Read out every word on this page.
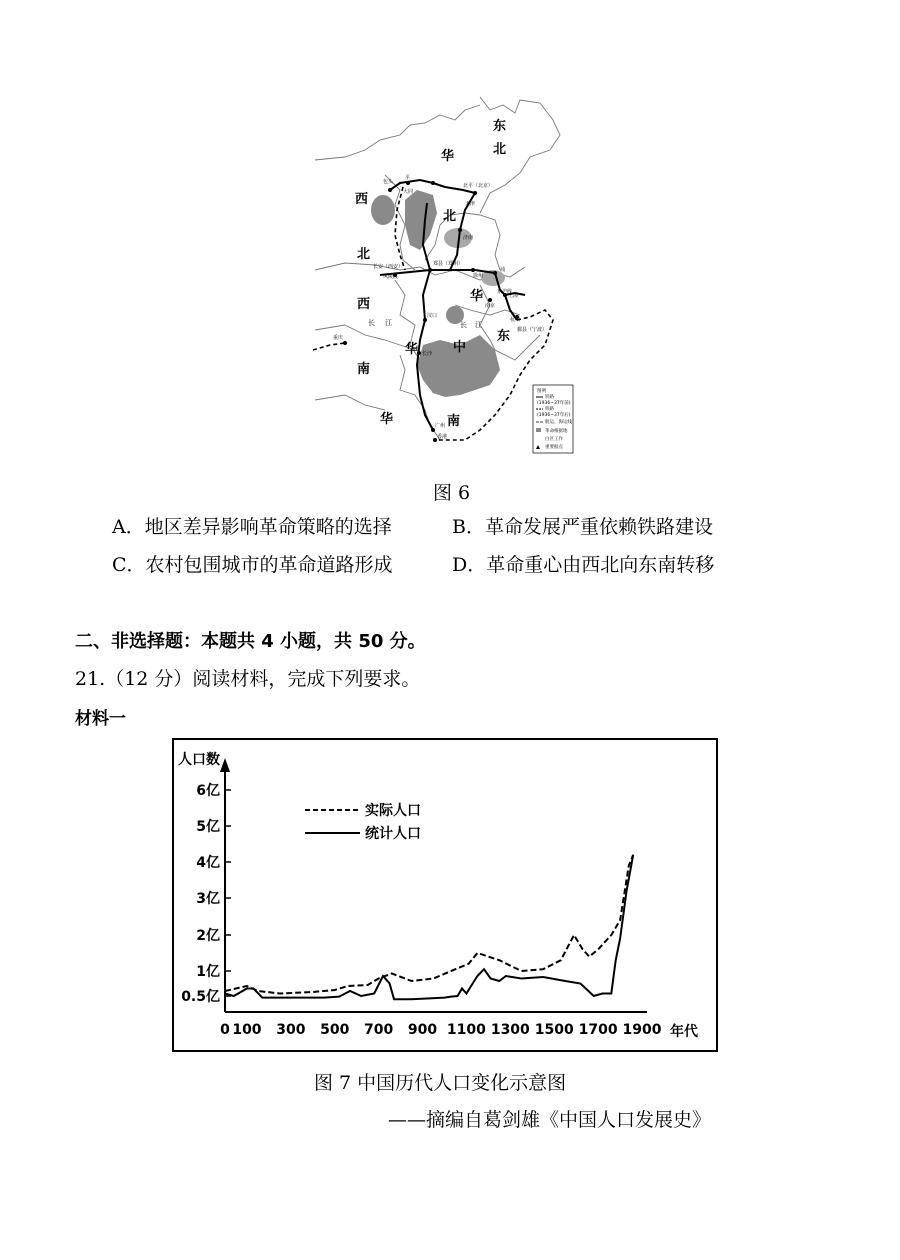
东
北
华
北
西
北
西
华
南
华
华
东
中
南
江
长	江
长
包头
平
大同
北平（北京）
天津
济南
长安（西安）
风陵渡
郑县（郑州）
徐州
浦
上海
南京
杭州
鄞县（宁波）
汉口
长沙
广州
香港
重庆
京沪线
图例
铁路
(1936~37年前)
铁路
(1936~37年后)
航运、海运线
革命根据地
白区工作
重要据点
图 6
A．地区差异影响革命策略的选择	B．革命发展严重依赖铁路建设
C．农村包围城市的革命道路形成	D．革命重心由西北向东南转移
二、非选择题：本题共 4 小题，共 50 分。
21.（12 分）阅读材料，完成下列要求。
材料一
人口数
年代
0.5亿
1亿
2亿
3亿
4亿
5亿
6亿
0 100 300 500 700 900 1100 1300 1500 1700 1900
实际人口
统计人口
图 7 中国历代人口变化示意图
——摘编自葛剑雄《中国人口发展史》
